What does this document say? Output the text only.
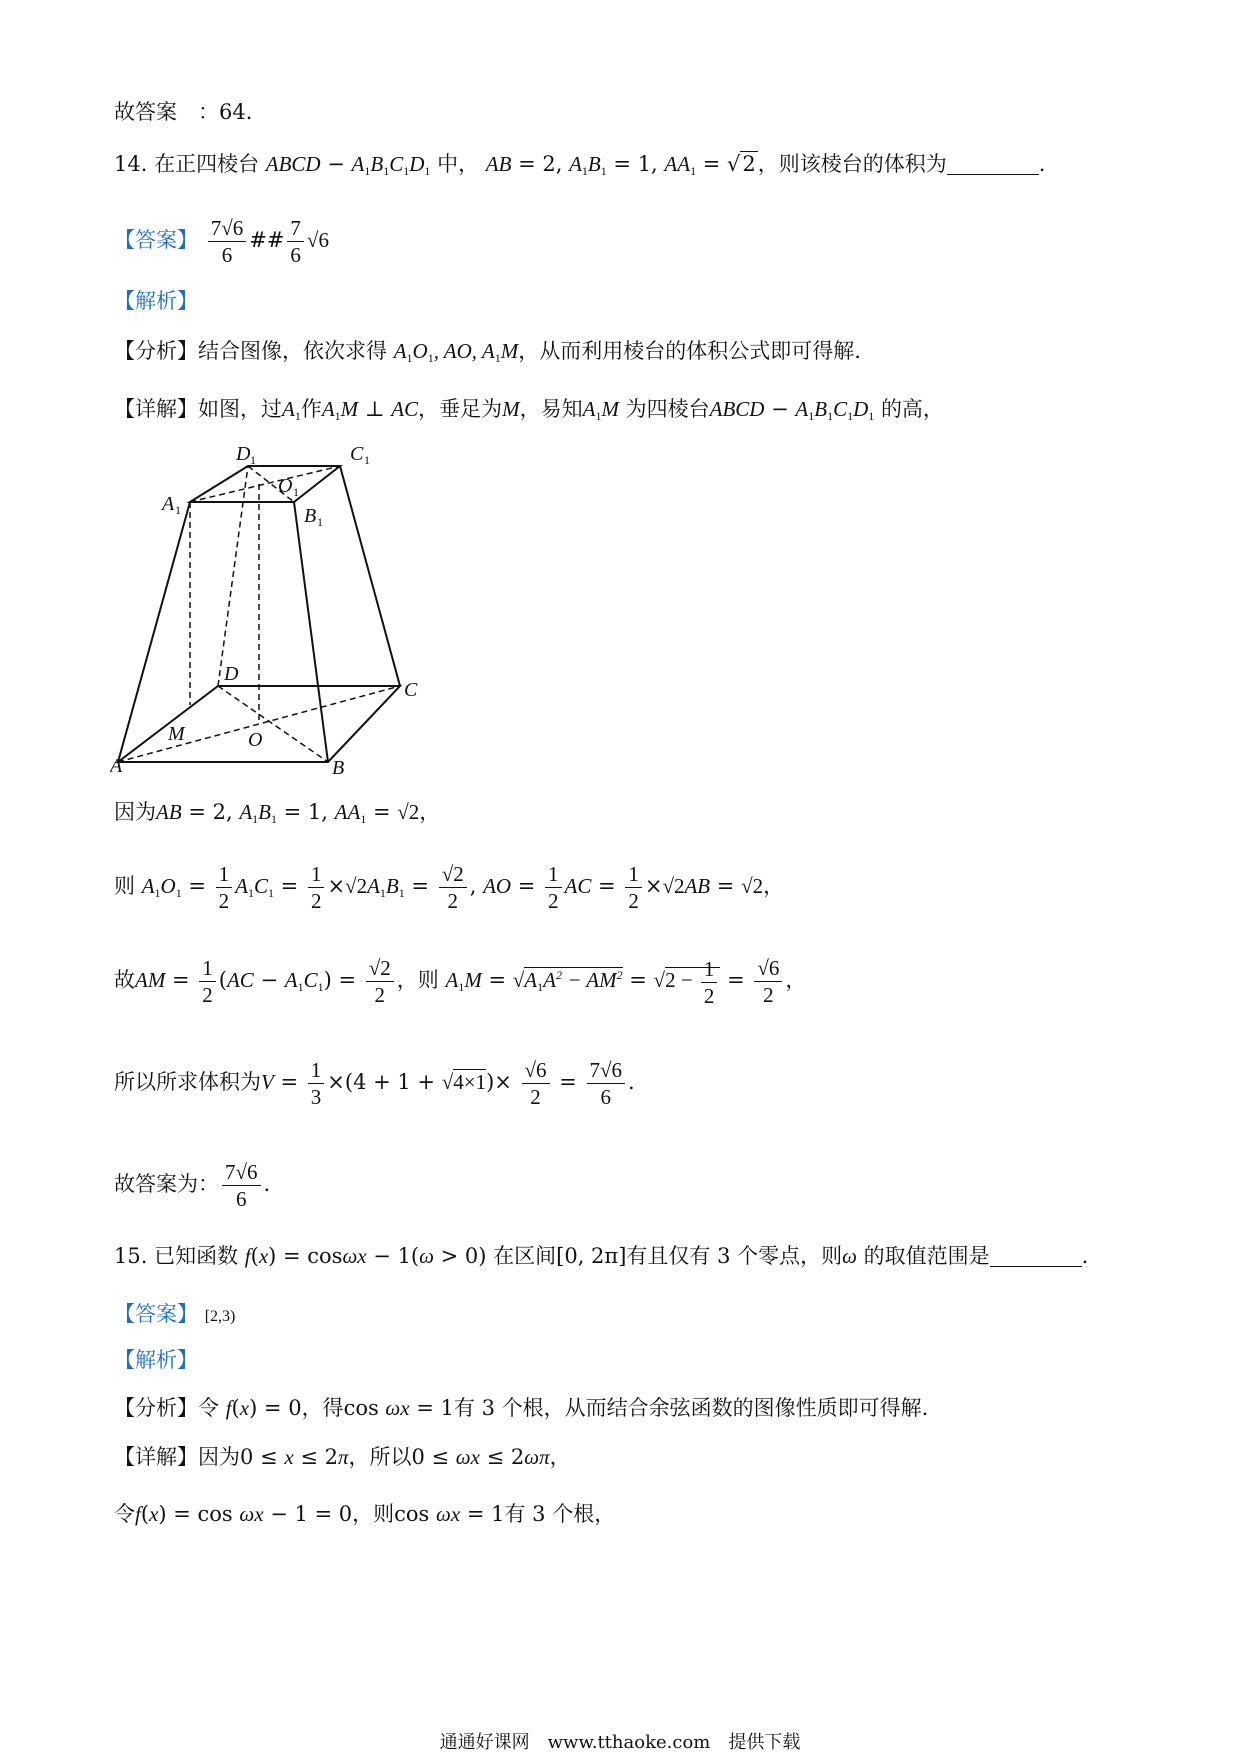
故答案　：64.
14. 在正四棱台 ABCD − $A_1B_1C_1D_1$ 中， AB = 2, $A_1B_1 = 1$, $AA_1 = √2$，则该棱台的体积为	.
【答案】 $\frac{7√6}{6}$ ## $\frac{7}{6} √6$
【解析】
【分析】结合图像，依次求得 $A_1O_1$, AO, $A_1M$，从而利用棱台的体积公式即可得解.
【详解】如图，过$A_1$作$A_1M$ ⊥ AC，垂足为M，易知$A_1M$ 为四棱台ABCD − $A_1B_1C_1D_1$ 的高，
D 1	C 1
A 1
O 1
B 1
D
C
M	O
A	B
因为AB = 2, $A_1B_1 = 1$, $AA_1 = √2$，
则 $A_1O_1 = \frac{1}{2} A_1C_1 = \frac{1}{2} \times√2A_1B_1 = \frac{√2}{2}$ , AO = $\frac{1}{2}$ AC = $\frac{1}{2} \times√2AB = √2$，
故AM = $\frac{1}{2} (AC - A_1C_1) = \frac{√2}{2}$ ，则 $A_1M = √A_1A^2 - AM^2 = √2 - \frac{1}{2} = \frac{√6}{2}$ ，
所以所求体积为$V = \frac{1}{3} \times(4 + 1 + √4\times 1)\times \frac{√6}{2} = \frac{7√6}{6}$ .
故答案为： $\frac{7√6}{6}$ .
15. 已知函数 f(x) = cosωx − 1(ω > 0) 在区间[0, 2π]有且仅有 3 个零点，则ω 的取值范围是	.
【答案】 [2,3)
【解析】
【分析】令 f(x) = 0，得cos ωx = 1有 3 个根，从而结合余弦函数的图像性质即可得解.
【详解】因为0 ≤ x ≤ 2π，所以0 ≤ ωx ≤ 2ωπ，
令f(x) = cos ωx − 1 = 0，则cos ωx = 1有 3 个根，
通通好课网　www.tthaoke.com　提供下载
